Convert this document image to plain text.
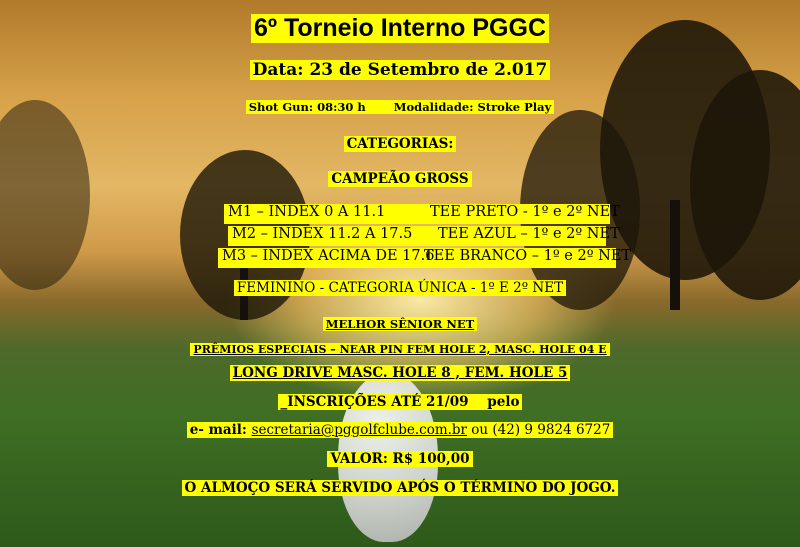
6º Torneio Interno PGGC
Data: 23 de Setembro de 2.017
Shot Gun: 08:30 h Modalidade: Stroke Play
CATEGORIAS:
CAMPEÃO GROSS
M1 – INDEX 0 A 11.1	TEE PRETO - 1º e 2º NET
M2 – INDEX 11.2 A 17.5 TEE AZUL – 1º e 2º NET
M3 – INDEX ACIMA DE 17.6
TEE BRANCO – 1º e 2º NET
FEMININO - CATEGORIA ÚNICA - 1º E 2º NET
MELHOR SÊNIOR NET
PRÊMIOS ESPECIAIS – NEAR PIN FEM HOLE 2, MASC. HOLE 04 E
LONG DRIVE MASC. HOLE 8 , FEM. HOLE 5
_INSCRIÇÕES ATÉ 21/09 pelo
e- mail: secretaria@pggolfclube.com.br ou (42) 9 9824 6727
VALOR: R$ 100,00
O ALMOÇO SERÁ SERVIDO APÓS O TÉRMINO DO JOGO.
